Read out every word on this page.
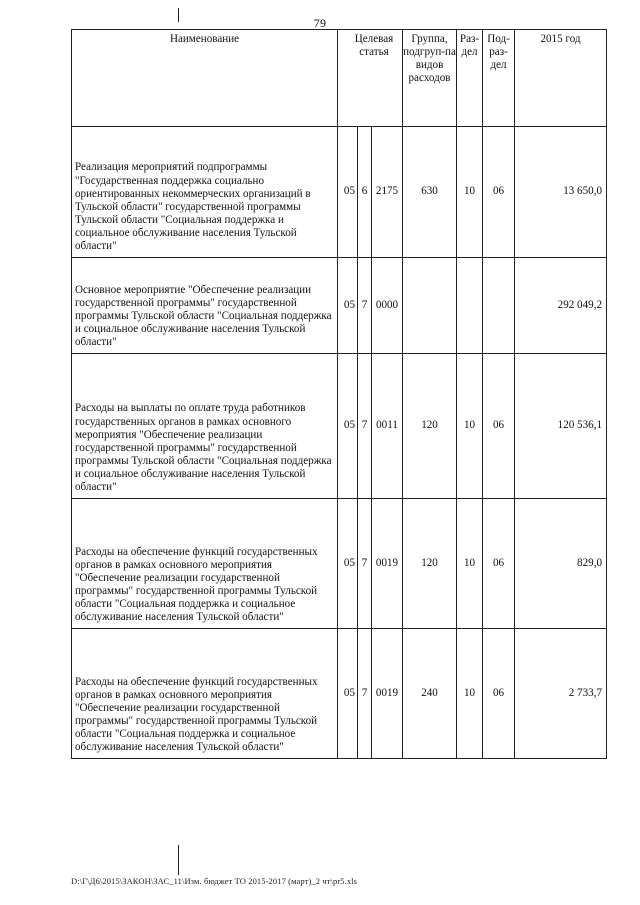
79
Наименование	Целевая статья			Группа, подгруп-па видов расходов	Раз-дел	Под-раз-дел	2015 год
Реализация мероприятий подпрограммы "Государственная поддержка социально ориентированных некоммерческих организаций в Тульской области" государственной программы Тульской области "Социальная поддержка и социальное обслуживание населения Тульской области"	05	6	2175	630	10	06	13 650,0
Основное мероприятие "Обеспечение реализации государственной программы" государственной программы Тульской области "Социальная поддержка и социальное обслуживание населения Тульской области"	05	7	0000				292 049,2
Расходы на выплаты по оплате труда работников государственных органов в рамках основного мероприятия "Обеспечение реализации государственной программы" государственной программы Тульской области "Социальная поддержка и социальное обслуживание населения Тульской области"	05	7	0011	120	10	06	120 536,1
Расходы на обеспечение функций государственных органов в рамках основного мероприятия "Обеспечение реализации государственной программы" государственной программы Тульской области "Социальная поддержка и социальное обслуживание населения Тульской области"	05	7	0019	120	10	06	829,0
Расходы на обеспечение функций государственных органов в рамках основного мероприятия "Обеспечение реализации государственной программы" государственной программы Тульской области "Социальная поддержка и социальное обслуживание населения Тульской области"	05	7	0019	240	10	06	2 733,7
D:\Г\Д6\2015\ЗАКОН\ЗАС_11\Изм. бюджет ТО 2015-2017 (март)_2 чт\pr5.xls
